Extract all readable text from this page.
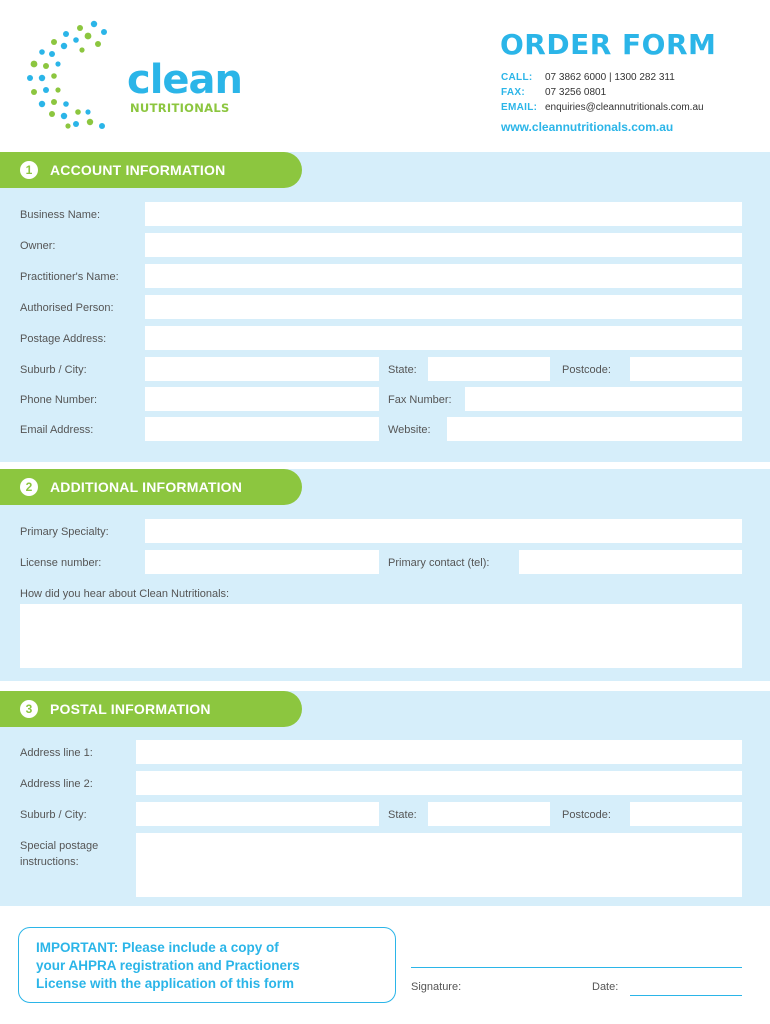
clean
NUTRITIONALS
ORDER FORM
CALL: 07 3862 6000 | 1300 282 311
FAX: 07 3256 0801
EMAIL: enquiries@cleannutritionals.com.au
www.cleannutritionals.com.au
1	ACCOUNT INFORMATION
Business Name:
Owner:
Practitioner's Name:
Authorised Person:
Postage Address:
Suburb / City:	State:	Postcode:
Phone Number:	Fax Number:
Email Address:	Website:
2	ADDITIONAL INFORMATION
Primary Specialty:
License number:	Primary contact (tel):
How did you hear about Clean Nutritionals:
3	POSTAL INFORMATION
Address line 1:
Address line 2:
Suburb / City:	State:	Postcode:
Special postage
instructions:
IMPORTANT: Please include a copy of
your AHPRA registration and Practioners
License with the application of this form	Signature:	Date:
